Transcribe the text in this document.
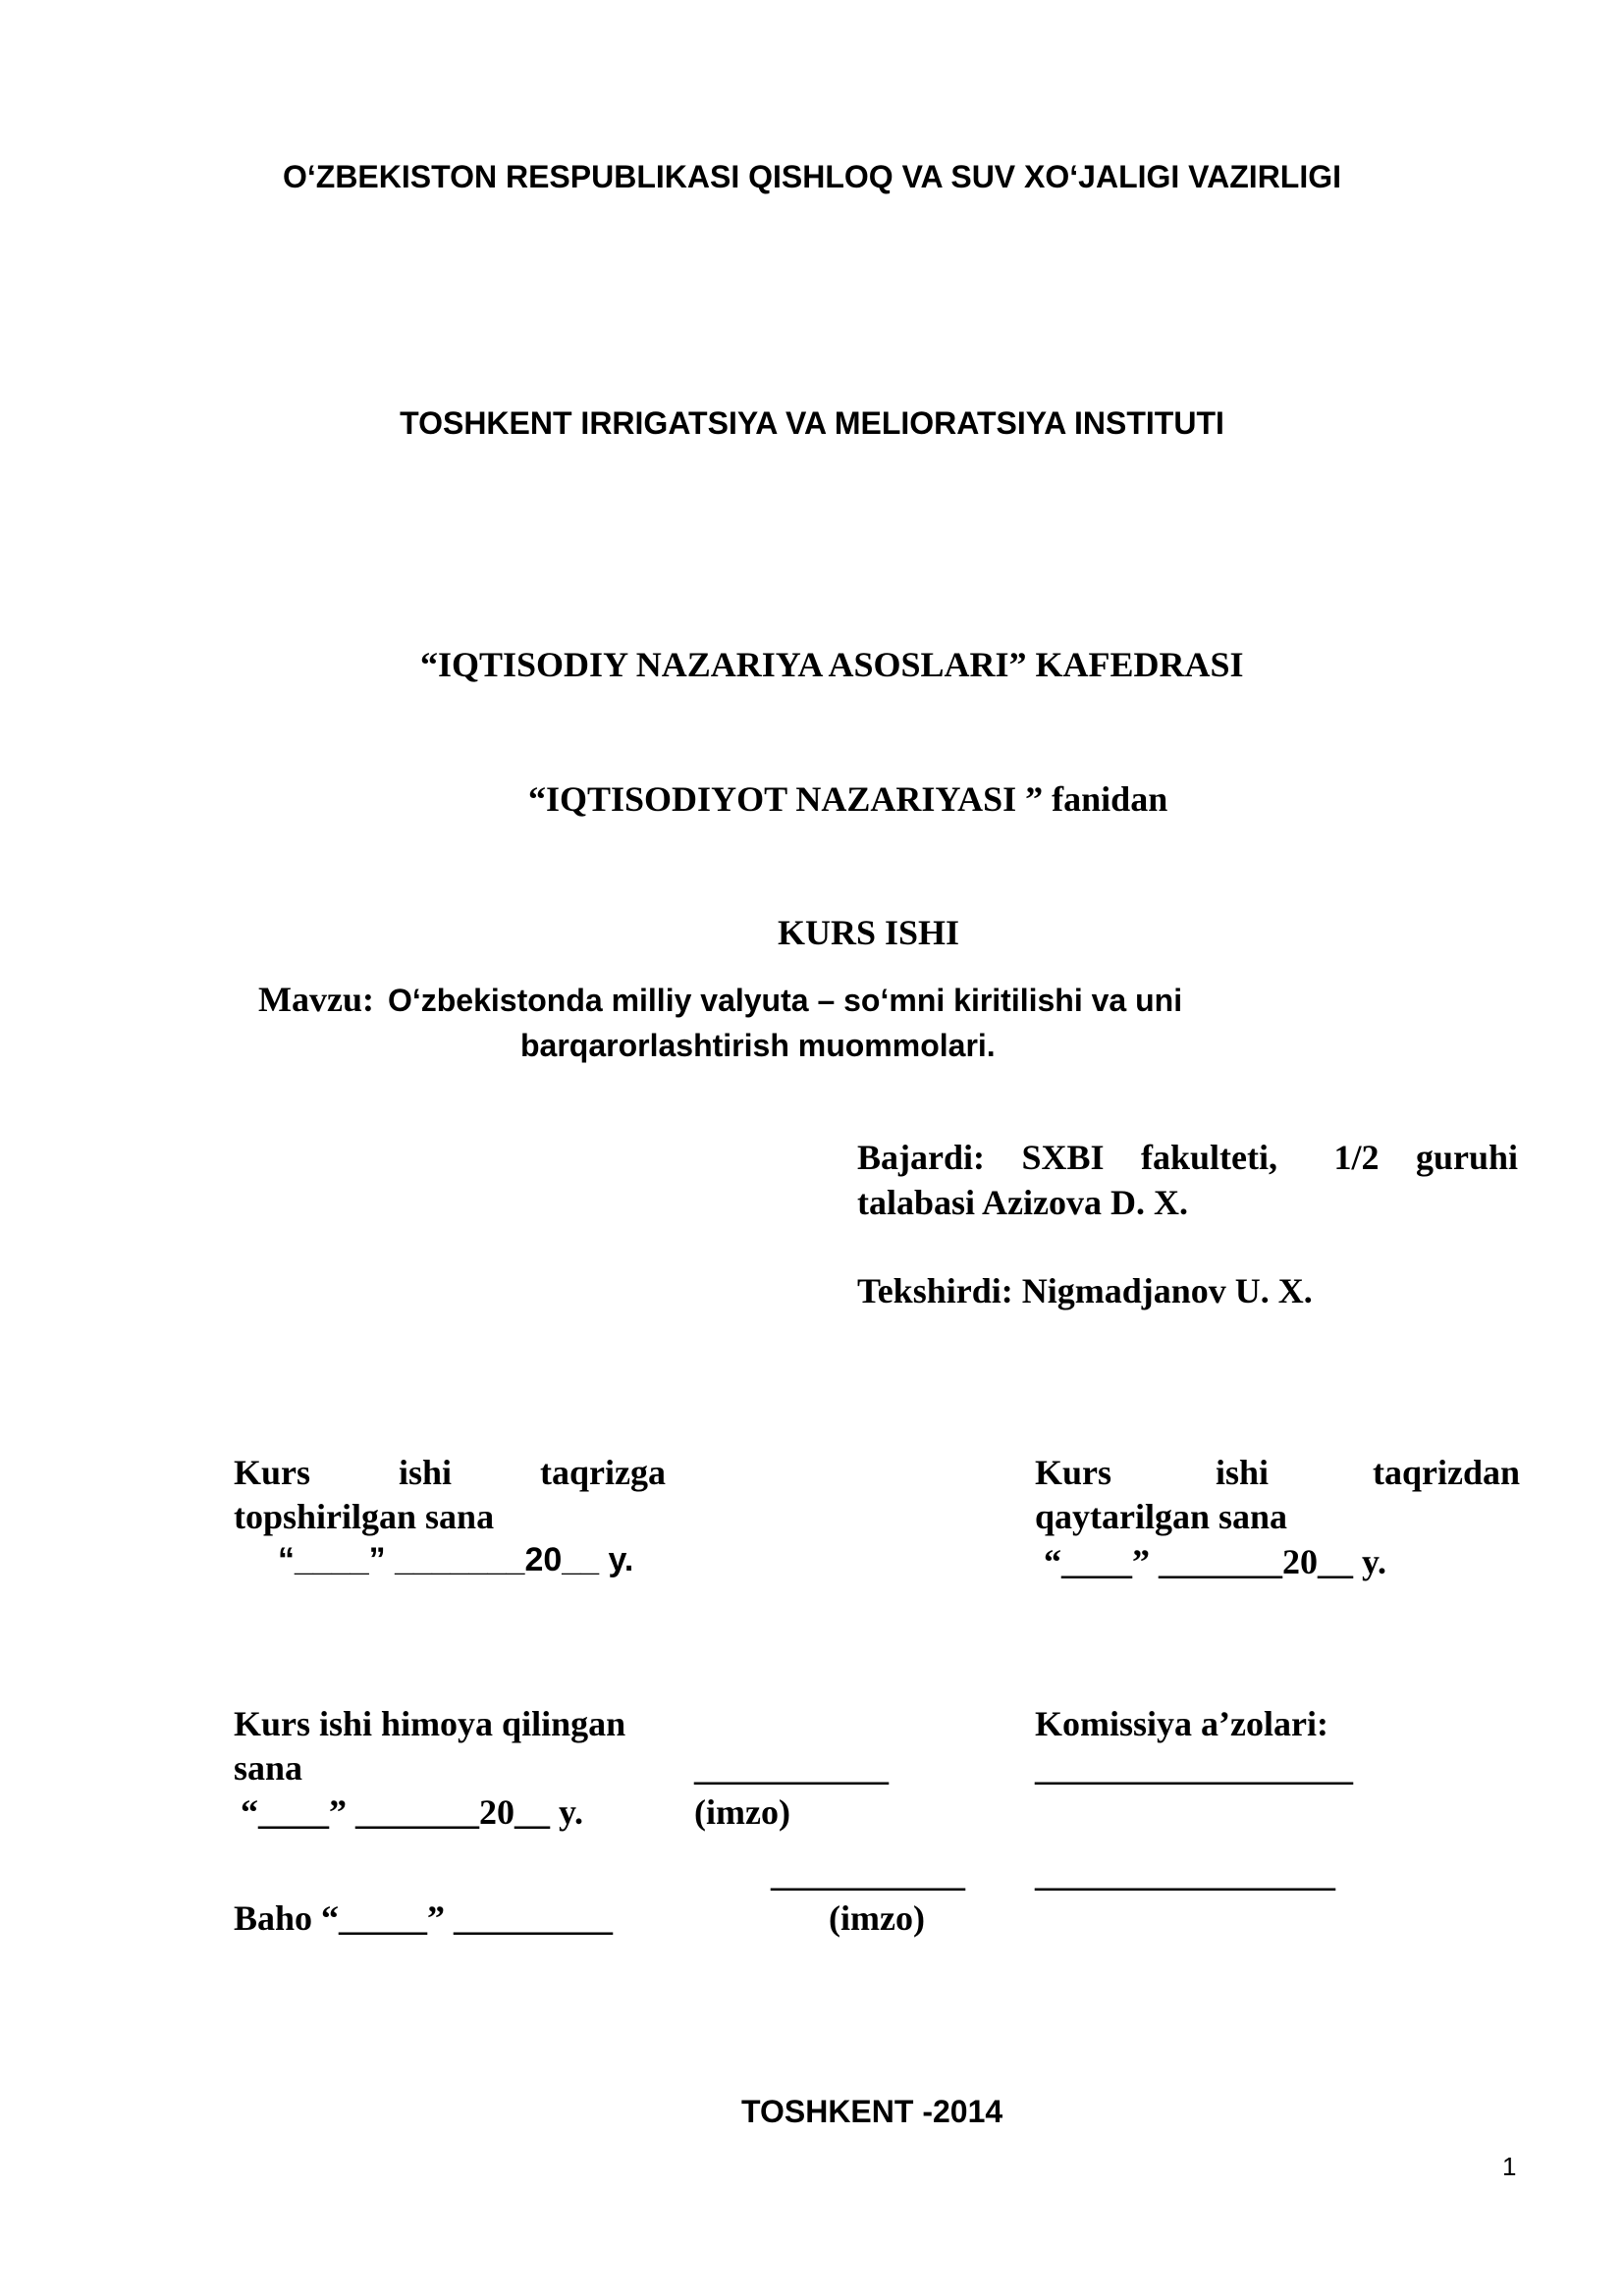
O‘ZBEKISTON RESPUBLIKASI QISHLOQ VA SUV XO‘JALIGI VAZIRLIGI
TOSHKENT IRRIGATSIYA VA MELIORATSIYA INSTITUTI
“IQTISODIY NAZARIYA ASOSLARI” KAFEDRASI
“IQTISODIYOT NAZARIYASI ” fanidan
KURS ISHI
Mavzu: O‘zbekistonda milliy valyuta – so‘mni kiritilishi va uni
barqarorlashtirish muommolari.
Bajardi: SXBI fakulteti, 1/2 guruhi
talabasi Azizova D. X.
Tekshirdi: Nigmadjanov U. X.
Kurs ishi taqrizga
topshirilgan sana
“____” _______20__ y.
Kurs	ishi	taqrizdan
qaytarilgan sana
“____” _______20__ y.
Kurs ishi himoya qilingan
sana
“____” _______20__ y.
___________
(imzo)
___________
(imzo)
Komissiya a’zolari:
__________________
_________________
Baho “_____” _________
TOSHKENT -2014
1
